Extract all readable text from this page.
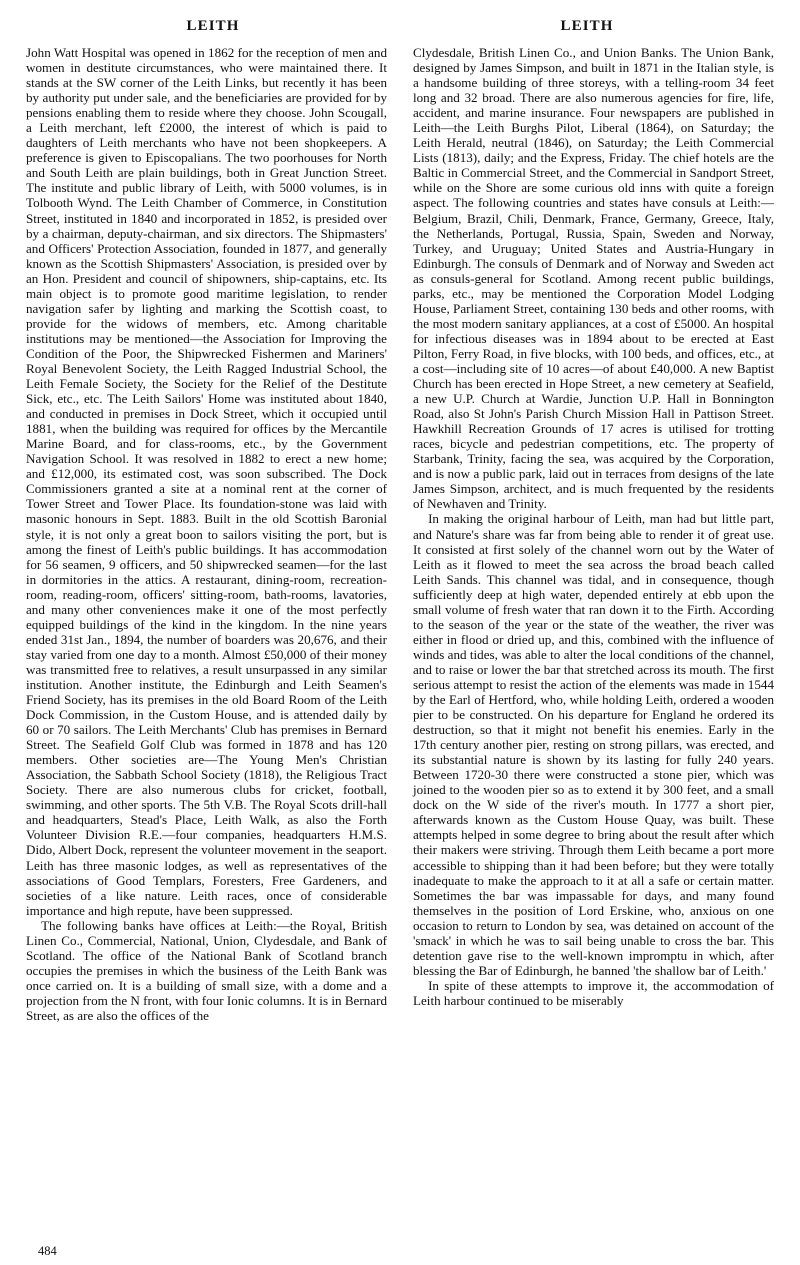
LEITH	LEITH

John Watt Hospital was opened in 1862 for the reception of men and women in destitute circumstances, who were maintained there. It stands at the SW corner of the Leith Links, but recently it has been by authority put under sale, and the beneficiaries are provided for by pensions enabling them to reside where they choose. John Scougall, a Leith merchant, left £2000, the interest of which is paid to daughters of Leith merchants who have not been shopkeepers. A preference is given to Episcopalians. The two poorhouses for North and South Leith are plain buildings, both in Great Junction Street. The institute and public library of Leith, with 5000 volumes, is in Tolbooth Wynd. The Leith Chamber of Commerce, in Constitution Street, instituted in 1840 and incorporated in 1852, is presided over by a chairman, deputy-chairman, and six directors. The Shipmasters' and Officers' Protection Association, founded in 1877, and generally known as the Scottish Shipmasters' Association, is presided over by an Hon. President and council of shipowners, ship-captains, etc. Its main object is to promote good maritime legislation, to render navigation safer by lighting and marking the Scottish coast, to provide for the widows of members, etc. Among charitable institutions may be mentioned—the Association for Improving the Condition of the Poor, the Shipwrecked Fishermen and Mariners' Royal Benevolent Society, the Leith Ragged Industrial School, the Leith Female Society, the Society for the Relief of the Destitute Sick, etc., etc. The Leith Sailors' Home was instituted about 1840, and conducted in premises in Dock Street, which it occupied until 1881, when the building was required for offices by the Mercantile Marine Board, and for class-rooms, etc., by the Government Navigation School. It was resolved in 1882 to erect a new home; and £12,000, its estimated cost, was soon subscribed. The Dock Commissioners granted a site at a nominal rent at the corner of Tower Street and Tower Place. Its foundation-stone was laid with masonic honours in Sept. 1883. Built in the old Scottish Baronial style, it is not only a great boon to sailors visiting the port, but is among the finest of Leith's public buildings. It has accommodation for 56 seamen, 9 officers, and 50 shipwrecked seamen—for the last in dormitories in the attics. A restaurant, dining-room, recreation-room, reading-room, officers' sitting-room, bath-rooms, lavatories, and many other conveniences make it one of the most perfectly equipped buildings of the kind in the kingdom. In the nine years ended 31st Jan., 1894, the number of boarders was 20,676, and their stay varied from one day to a month. Almost £50,000 of their money was transmitted free to relatives, a result unsurpassed in any similar institution. Another institute, the Edinburgh and Leith Seamen's Friend Society, has its premises in the old Board Room of the Leith Dock Commission, in the Custom House, and is attended daily by 60 or 70 sailors. The Leith Merchants' Club has premises in Bernard Street. The Seafield Golf Club was formed in 1878 and has 120 members. Other societies are—The Young Men's Christian Association, the Sabbath School Society (1818), the Religious Tract Society. There are also numerous clubs for cricket, football, swimming, and other sports. The 5th V.B. The Royal Scots drill-hall and headquarters, Stead's Place, Leith Walk, as also the Forth Volunteer Division R.E.—four companies, headquarters H.M.S. Dido, Albert Dock, represent the volunteer movement in the seaport. Leith has three masonic lodges, as well as representatives of the associations of Good Templars, Foresters, Free Gardeners, and societies of a like nature. Leith races, once of considerable importance and high repute, have been suppressed.

The following banks have offices at Leith:—the Royal, British Linen Co., Commercial, National, Union, Clydesdale, and Bank of Scotland. The office of the National Bank of Scotland branch occupies the premises in which the business of the Leith Bank was once carried on. It is a building of small size, with a dome and a projection from the N front, with four Ionic columns. It is in Bernard Street, as are also the offices of the

Clydesdale, British Linen Co., and Union Banks. The Union Bank, designed by James Simpson, and built in 1871 in the Italian style, is a handsome building of three storeys, with a telling-room 34 feet long and 32 broad. There are also numerous agencies for fire, life, accident, and marine insurance. Four newspapers are published in Leith—the Leith Burghs Pilot, Liberal (1864), on Saturday; the Leith Herald, neutral (1846), on Saturday; the Leith Commercial Lists (1813), daily; and the Express, Friday. The chief hotels are the Baltic in Commercial Street, and the Commercial in Sandport Street, while on the Shore are some curious old inns with quite a foreign aspect. The following countries and states have consuls at Leith:—Belgium, Brazil, Chili, Denmark, France, Germany, Greece, Italy, the Netherlands, Portugal, Russia, Spain, Sweden and Norway, Turkey, and Uruguay; United States and Austria-Hungary in Edinburgh. The consuls of Denmark and of Norway and Sweden act as consuls-general for Scotland. Among recent public buildings, parks, etc., may be mentioned the Corporation Model Lodging House, Parliament Street, containing 130 beds and other rooms, with the most modern sanitary appliances, at a cost of £5000. An hospital for infectious diseases was in 1894 about to be erected at East Pilton, Ferry Road, in five blocks, with 100 beds, and offices, etc., at a cost—including site of 10 acres—of about £40,000. A new Baptist Church has been erected in Hope Street, a new cemetery at Seafield, a new U.P. Church at Wardie, Junction U.P. Hall in Bonnington Road, also St John's Parish Church Mission Hall in Pattison Street. Hawkhill Recreation Grounds of 17 acres is utilised for trotting races, bicycle and pedestrian competitions, etc. The property of Starbank, Trinity, facing the sea, was acquired by the Corporation, and is now a public park, laid out in terraces from designs of the late James Simpson, architect, and is much frequented by the residents of Newhaven and Trinity.

In making the original harbour of Leith, man had but little part, and Nature's share was far from being able to render it of great use. It consisted at first solely of the channel worn out by the Water of Leith as it flowed to meet the sea across the broad beach called Leith Sands. This channel was tidal, and in consequence, though sufficiently deep at high water, depended entirely at ebb upon the small volume of fresh water that ran down it to the Firth. According to the season of the year or the state of the weather, the river was either in flood or dried up, and this, combined with the influence of winds and tides, was able to alter the local conditions of the channel, and to raise or lower the bar that stretched across its mouth. The first serious attempt to resist the action of the elements was made in 1544 by the Earl of Hertford, who, while holding Leith, ordered a wooden pier to be constructed. On his departure for England he ordered its destruction, so that it might not benefit his enemies. Early in the 17th century another pier, resting on strong pillars, was erected, and its substantial nature is shown by its lasting for fully 240 years. Between 1720-30 there were constructed a stone pier, which was joined to the wooden pier so as to extend it by 300 feet, and a small dock on the W side of the river's mouth. In 1777 a short pier, afterwards known as the Custom House Quay, was built. These attempts helped in some degree to bring about the result after which their makers were striving. Through them Leith became a port more accessible to shipping than it had been before; but they were totally inadequate to make the approach to it at all a safe or certain matter. Sometimes the bar was impassable for days, and many found themselves in the position of Lord Erskine, who, anxious on one occasion to return to London by sea, was detained on account of the 'smack' in which he was to sail being unable to cross the bar. This detention gave rise to the well-known impromptu in which, after blessing the Bar of Edinburgh, he banned 'the shallow bar of Leith.'

In spite of these attempts to improve it, the accommodation of Leith harbour continued to be miserably

484
